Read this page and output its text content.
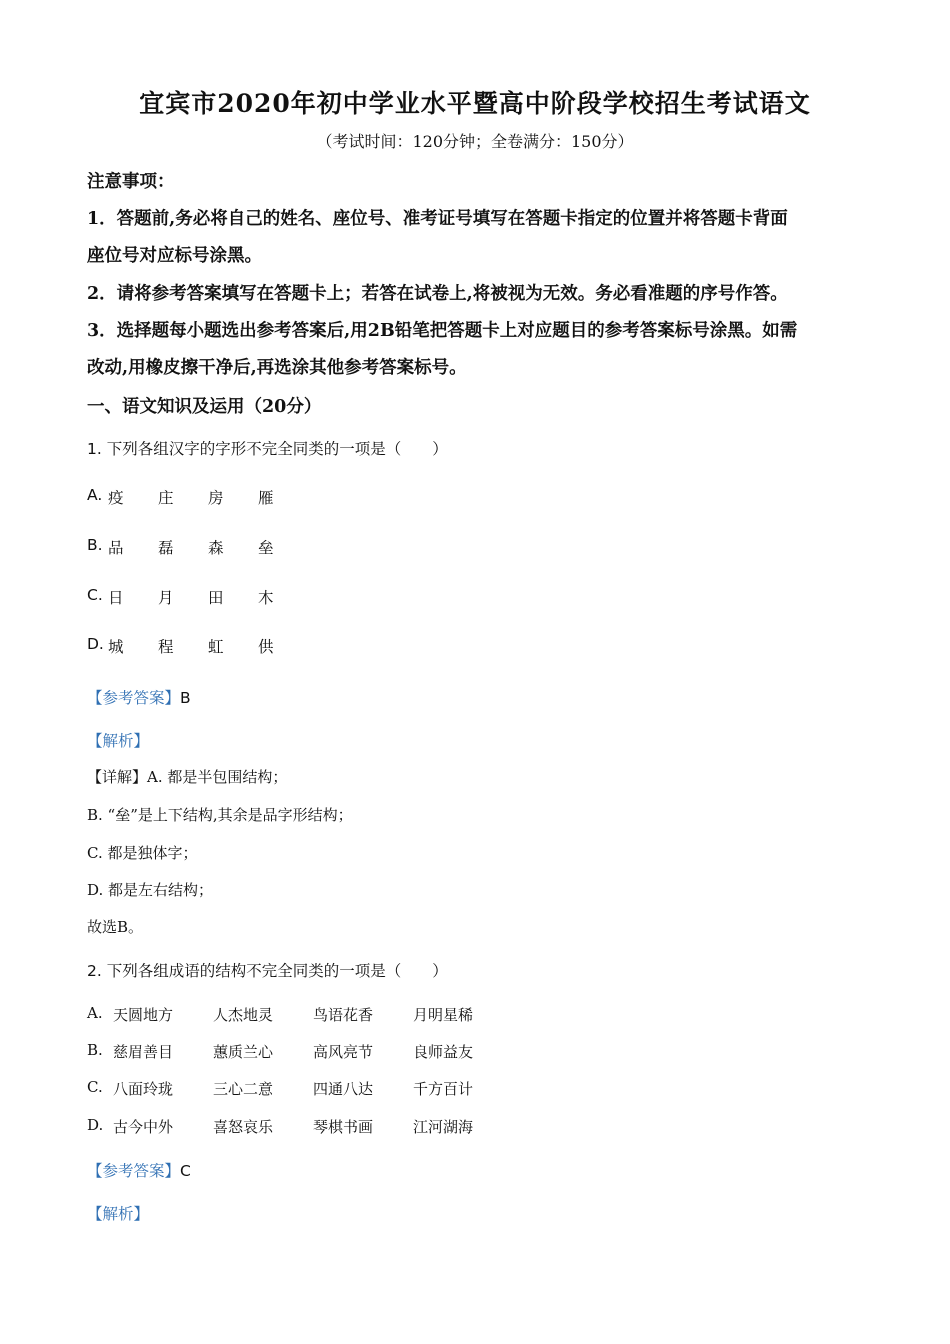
宜宾市2020年初中学业水平暨高中阶段学校招生考试语文
（考试时间：120分钟；全卷满分：150分）
注意事项：
1．答题前,务必将自己的姓名、座位号、准考证号填写在答题卡指定的位置并将答题卡背面
座位号对应标号涂黑。
2．请将参考答案填写在答题卡上；若答在试卷上,将被视为无效。务必看准题的序号作答。
3．选择题每小题选出参考答案后,用2B铅笔把答题卡上对应题目的参考答案标号涂黑。如需
改动,用橡皮擦干净后,再选涂其他参考答案标号。
一、语文知识及运用（20分）
1. 下列各组汉字的字形不完全同类的一项是（　　）
A. 疫 庄 房 雁
B. 品 磊 森 垒
C. 日 月 田 木
D. 城 程 虹 供
【参考答案】B
【解析】
【详解】A. 都是半包围结构；
B. “垒”是上下结构,其余是品字形结构；
C. 都是独体字；
D. 都是左右结构；
故选B。
2. 下列各组成语的结构不完全同类的一项是（　　）
A. 天圆地方	人杰地灵	鸟语花香	月明星稀
B. 慈眉善目	蕙质兰心	高风亮节	良师益友
C. 八面玲珑	三心二意	四通八达	千方百计
D. 古今中外	喜怒哀乐	琴棋书画	江河湖海
【参考答案】C
【解析】
